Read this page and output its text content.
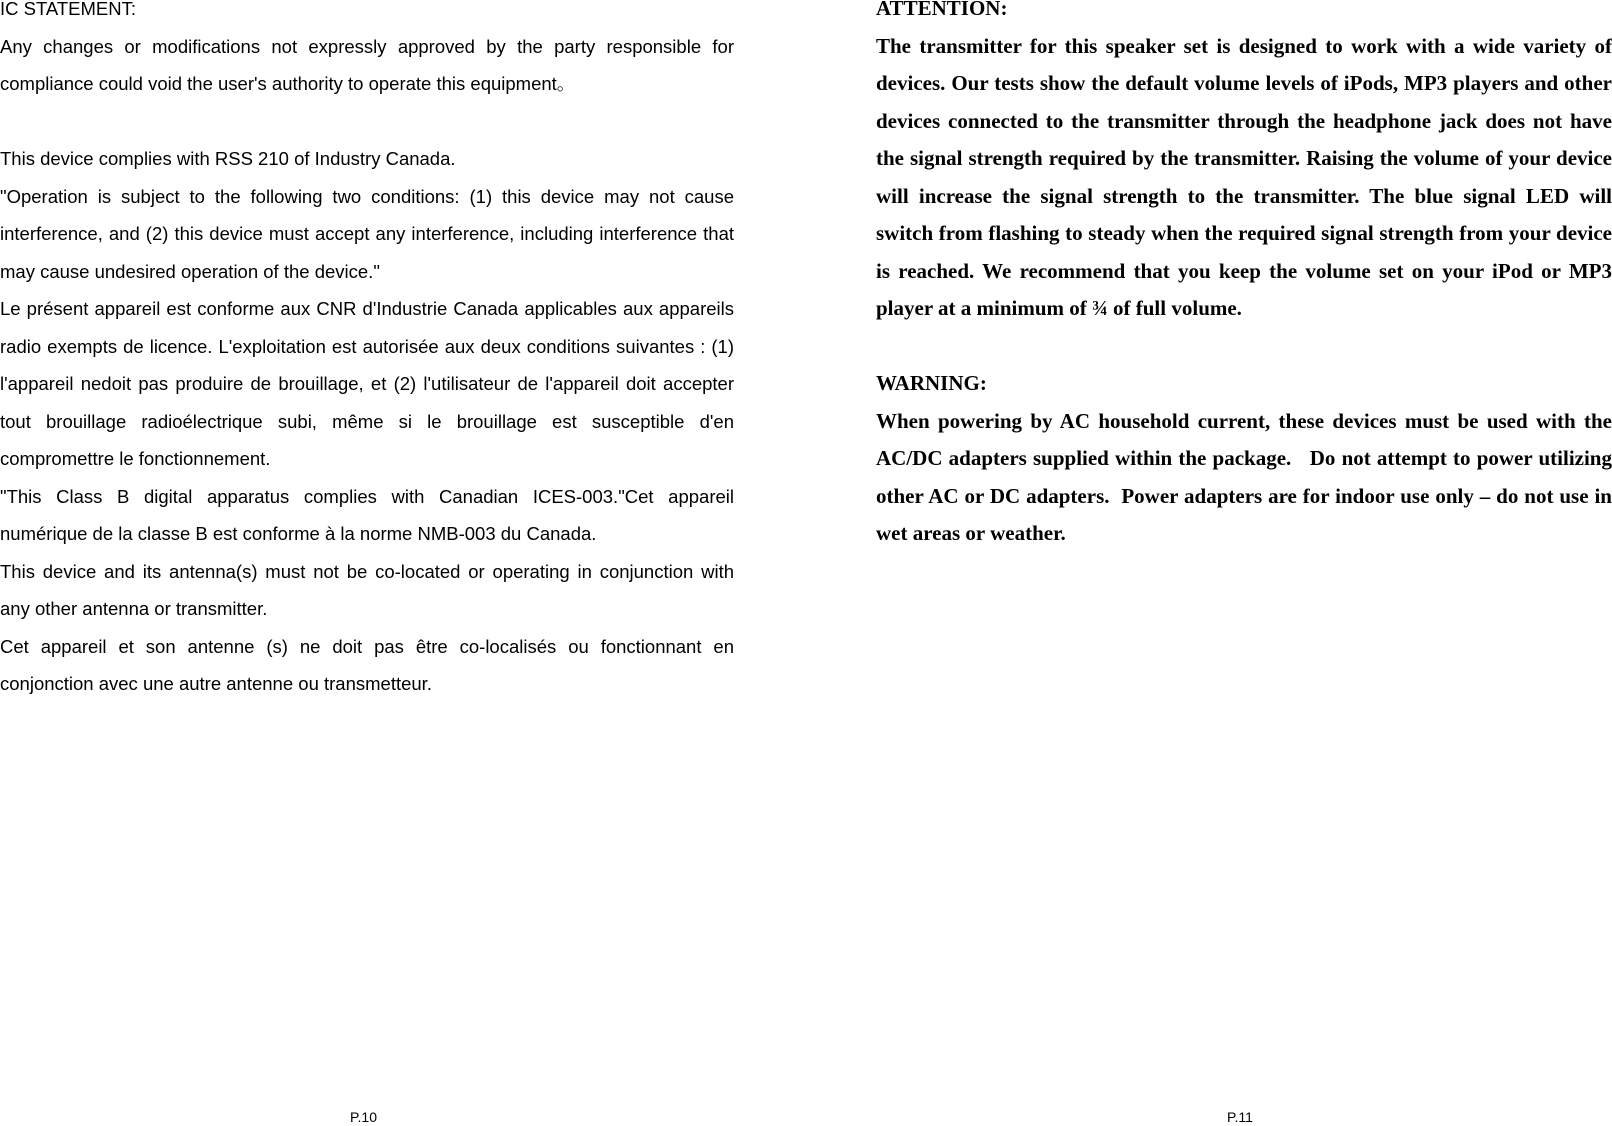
IC STATEMENT:

Any changes or modifications not expressly approved by the party responsible for compliance could void the user's authority to operate this equipment。

This device complies with RSS 210 of Industry Canada.

"Operation is subject to the following two conditions: (1) this device may not cause interference, and (2) this device must accept any interference, including interference that may cause undesired operation of the device."

Le présent appareil est conforme aux CNR d'Industrie Canada applicables aux appareils radio exempts de licence. L'exploitation est autorisée aux deux conditions suivantes : (1) l'appareil nedoit pas produire de brouillage, et (2) l'utilisateur de l'appareil doit accepter tout brouillage radioélectrique subi, même si le brouillage est susceptible d'en compromettre le fonctionnement.

"This Class B digital apparatus complies with Canadian ICES-003."Cet appareil numérique de la classe B est conforme à la norme NMB-003 du Canada.

This device and its antenna(s) must not be co-located or operating in conjunction with any other antenna or transmitter.

Cet appareil et son antenne (s) ne doit pas être co-localisés ou fonctionnant en conjonction avec une autre antenne ou transmetteur.

P.10
ATTENTION:

The transmitter for this speaker set is designed to work with a wide variety of devices. Our tests show the default volume levels of iPods, MP3 players and other devices connected to the transmitter through the headphone jack does not have the signal strength required by the transmitter. Raising the volume of your device will increase the signal strength to the transmitter. The blue signal LED will switch from flashing to steady when the required signal strength from your device is reached. We recommend that you keep the volume set on your iPod or MP3 player at a minimum of ¾ of full volume.

WARNING:

When powering by AC household current, these devices must be used with the AC/DC adapters supplied within the package.   Do not attempt to power utilizing other AC or DC adapters.  Power adapters are for indoor use only – do not use in wet areas or weather.

P.11
